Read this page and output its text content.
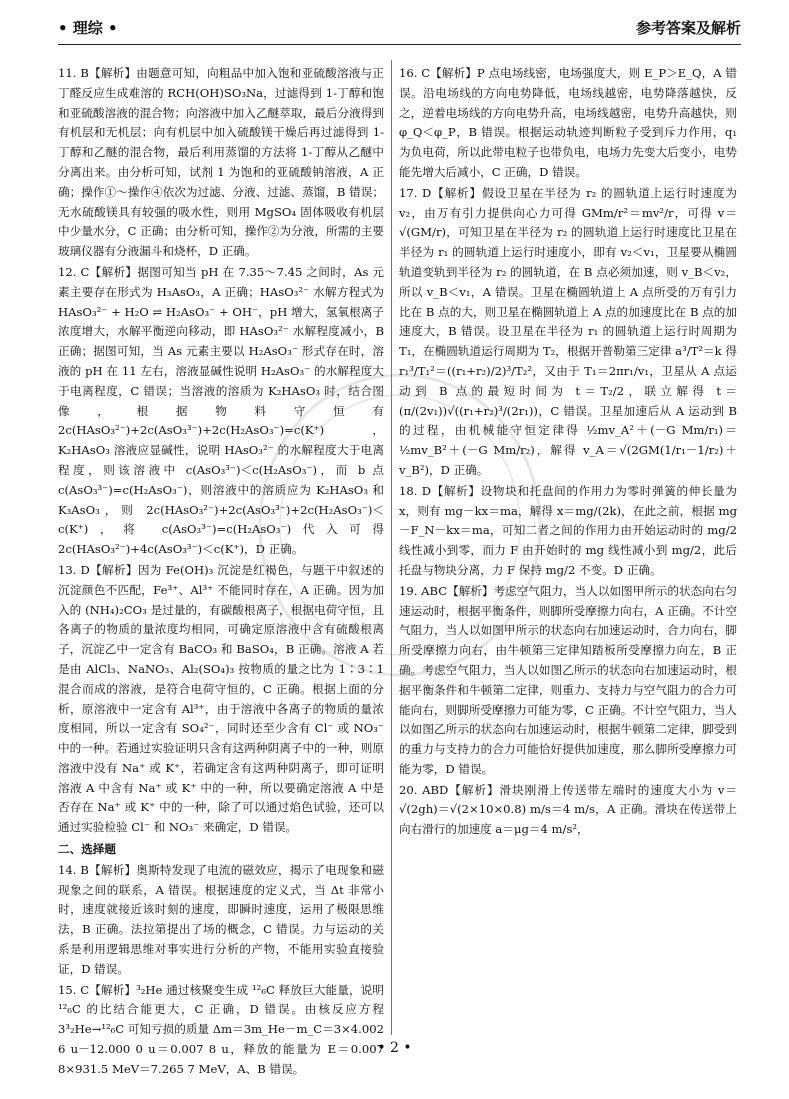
• 理综 •	参考答案及解析
11. B【解析】由题意可知，向粗品中加入饱和亚硫酸溶液与正丁醛反应生成难溶的 RCH(OH)SO₃Na，过滤得到 1-丁醇和饱和亚硫酸溶液的混合物；向溶液中加入乙醚萃取，最后分液得到有机层和无机层；向有机层中加入硫酸镁干燥后再过滤得到 1-丁醇和乙醚的混合物，最后利用蒸馏的方法将 1-丁醇从乙醚中分离出来。由分析可知，试剂 1 为饱和的亚硫酸钠溶液，A 正确；操作①～操作④依次为过滤、分液、过滤、蒸馏，B 错误；无水硫酸镁具有较强的吸水性，则用 MgSO₄ 固体吸收有机层中少量水分，C 正确；由分析可知，操作②为分液，所需的主要玻璃仪器有分液漏斗和烧杯，D 正确。
12. C【解析】据图可知当 pH 在 7.35～7.45 之间时，As 元素主要存在形式为 H₃AsO₃，A 正确；HAsO₃²⁻ 水解方程式为 HAsO₃²⁻ + H₂O ⇌ H₂AsO₃⁻ + OH⁻，pH 增大，氢氧根离子浓度增大，水解平衡逆向移动，即 HAsO₃²⁻ 水解程度减小，B 正确；据图可知，当 As 元素主要以 H₂AsO₃⁻ 形式存在时，溶液的 pH 在 11 左右，溶液显碱性说明 H₂AsO₃⁻ 的水解程度大于电离程度，C 错误；当溶液的溶质为 K₂HAsO₃ 时，结合图像，根据物料守恒有 2c(HAsO₃²⁻)+2c(AsO₃³⁻)+2c(H₂AsO₃⁻)=c(K⁺)，K₂HAsO₃ 溶液应显碱性，说明 HAsO₃²⁻ 的水解程度大于电离程度，则该溶液中 c(AsO₃³⁻)＜c(H₂AsO₃⁻)，而 b 点 c(AsO₃³⁻)=c(H₂AsO₃⁻)，则溶液中的溶质应为 K₂HAsO₃ 和 K₃AsO₃，则 2c(HAsO₃²⁻)+2c(AsO₃³⁻)+2c(H₂AsO₃⁻)＜c(K⁺)，将 c(AsO₃³⁻)=c(H₂AsO₃⁻)代入可得 2c(HAsO₃²⁻)+4c(AsO₃³⁻)＜c(K⁺)，D 正确。
13. D【解析】因为 Fe(OH)₃ 沉淀是红褐色，与题干中叙述的沉淀颜色不匹配，Fe³⁺、Al³⁺ 不能同时存在，A 正确。因为加入的 (NH₄)₂CO₃ 是过量的，有碳酸根离子，根据电荷守恒，且各离子的物质的量浓度均相同，可确定原溶液中含有硫酸根离子，沉淀乙中一定含有 BaCO₃ 和 BaSO₄，B 正确。溶液 A 若是由 AlCl₃、NaNO₃、Al₂(SO₄)₃ 按物质的量之比为 1∶3∶1 混合而成的溶液，是符合电荷守恒的，C 正确。根据上面的分析，原溶液中一定含有 Al³⁺，由于溶液中各离子的物质的量浓度相同，所以一定含有 SO₄²⁻，同时还至少含有 Cl⁻ 或 NO₃⁻ 中的一种。若通过实验证明只含有这两种阴离子中的一种，则原溶液中没有 Na⁺ 或 K⁺，若确定含有这两种阴离子，即可证明溶液 A 中含有 Na⁺ 或 K⁺ 中的一种，所以要确定溶液 A 中是否存在 Na⁺ 或 K⁺ 中的一种，除了可以通过焰色试验，还可以通过实验检验 Cl⁻ 和 NO₃⁻ 来确定，D 错误。
二、选择题
14. B【解析】奥斯特发现了电流的磁效应，揭示了电现象和磁现象之间的联系，A 错误。根据速度的定义式，当 Δt 非常小时，速度就接近该时刻的速度，即瞬时速度，运用了极限思维法，B 正确。法拉第提出了场的概念，C 错误。力与运动的关系是利用逻辑思维对事实进行分析的产物，不能用实验直接验证，D 错误。
15. C【解析】³₂He 通过核聚变生成 ¹²₆C 释放巨大能量，说明 ¹²₆C 的比结合能更大，C 正确，D 错误。由核反应方程 3³₂He→¹²₆C 可知亏损的质量 Δm＝3m_He－m_C＝3×4.002 6 u－12.000 0 u＝0.007 8 u，释放的能量为 E＝0.007 8×931.5 MeV＝7.265 7 MeV，A、B 错误。
16. C【解析】P 点电场线密，电场强度大，则 E_P＞E_Q，A 错误。沿电场线的方向电势降低，电场线越密，电势降落越快，反之，逆着电场线的方向电势升高，电场线越密，电势升高越快，则 φ_Q＜φ_P，B 错误。根据运动轨迹判断粒子受到斥力作用，q₁ 为负电荷，所以此带电粒子也带负电，电场力先变大后变小，电势能先增大后减小，C 正确，D 错误。
17. D【解析】假设卫星在半径为 r₂ 的圆轨道上运行时速度为 v₂，由万有引力提供向心力可得 GMm/r²＝mv²/r，可得 v＝√(GM/r)，可知卫星在半径为 r₂ 的圆轨道上运行时速度比卫星在半径为 r₁ 的圆轨道上运行时速度小，即有 v₂＜v₁，卫星要从椭圆轨道变轨到半径为 r₂ 的圆轨道，在 B 点必须加速，则 v_B＜v₂，所以 v_B＜v₁，A 错误。卫星在椭圆轨道上 A 点所受的万有引力比在 B 点的大，则卫星在椭圆轨道上 A 点的加速度比在 B 点的加速度大，B 错误。设卫星在半径为 r₁ 的圆轨道上运行时周期为 T₁，在椭圆轨道运行周期为 T₂，根据开普勒第三定律 a³/T²＝k 得 r₁³/T₁²＝((r₁+r₂)/2)³/T₂²，又由于 T₁＝2πr₁/v₁，卫星从 A 点运动到 B 点的最短时间为 t＝T₂/2，联立解得 t＝(π/(2v₁))√((r₁+r₂)³/(2r₁))，C 错误。卫星加速后从 A 运动到 B 的过程，由机械能守恒定律得 ½mv_A²＋(－G Mm/r₁)＝½mv_B²＋(－G Mm/r₂)，解得 v_A＝√(2GM(1/r₁－1/r₂)＋v_B²)，D 正确。
18. D【解析】设物块和托盘间的作用力为零时弹簧的伸长量为 x，则有 mg－kx＝ma，解得 x＝mg/(2k)，在此之前，根据 mg－F_N－kx＝ma，可知二者之间的作用力由开始运动时的 mg/2 线性减小到零，而力 F 由开始时的 mg 线性减小到 mg/2，此后托盘与物块分离，力 F 保持 mg/2 不变。D 正确。
19. ABC【解析】考虑空气阻力，当人以如图甲所示的状态向右匀速运动时，根据平衡条件，则脚所受摩擦力向右，A 正确。不计空气阻力，当人以如图甲所示的状态向右加速运动时，合力向右，脚所受摩擦力向右，由牛顿第三定律知踏板所受摩擦力向左，B 正确。考虑空气阻力，当人以如图乙所示的状态向右加速运动时，根据平衡条件和牛顿第二定律，则重力、支持力与空气阻力的合力可能向右，则脚所受摩擦力可能为零，C 正确。不计空气阻力，当人以如图乙所示的状态向右加速运动时，根据牛顿第二定律，脚受到的重力与支持力的合力可能恰好提供加速度，那么脚所受摩擦力可能为零，D 错误。
20. ABD【解析】滑块刚滑上传送带左端时的速度大小为 v＝√(2gh)＝√(2×10×0.8) m/s＝4 m/s，A 正确。滑块在传送带上向右滑行的加速度 a＝μg＝4 m/s²，
• 2 •
